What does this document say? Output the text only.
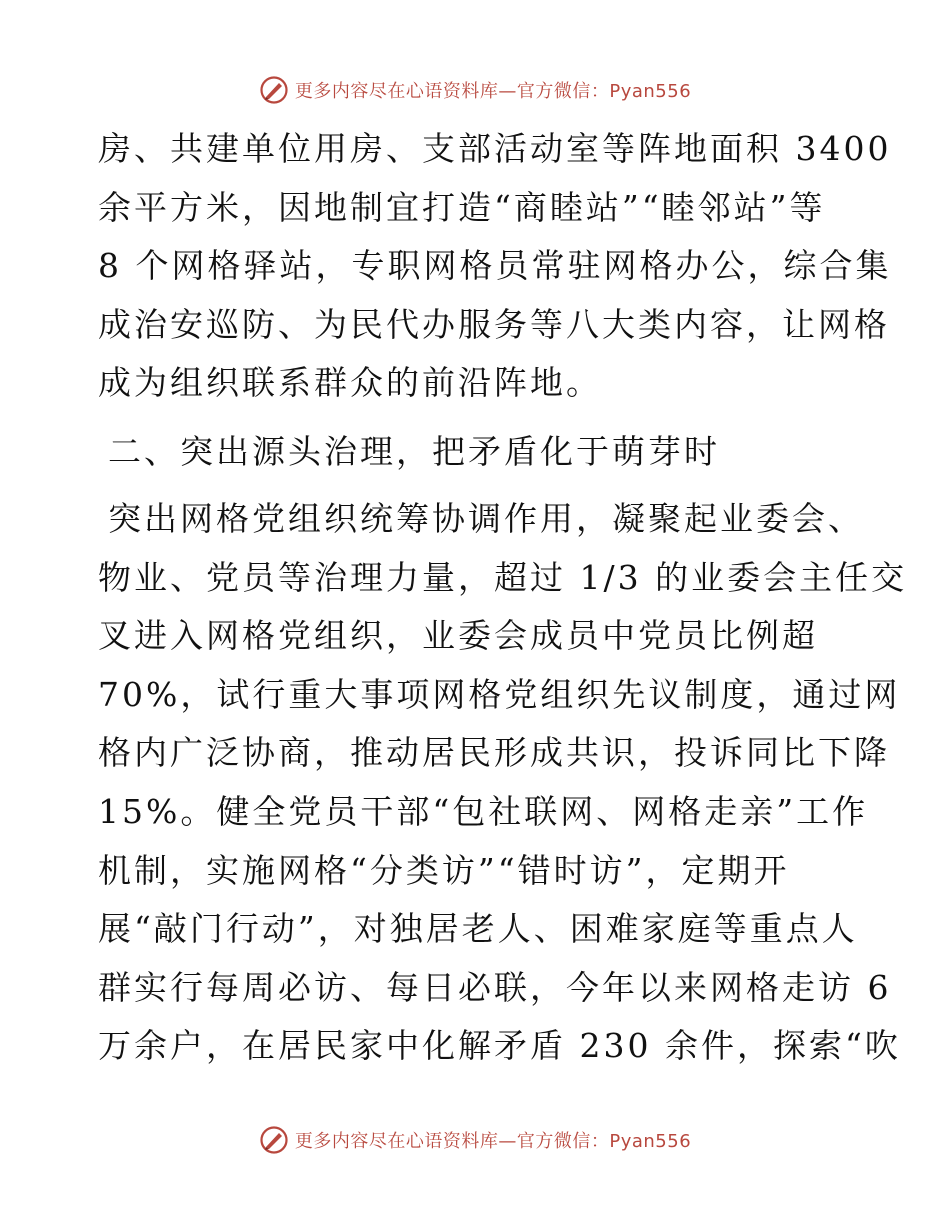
更多内容尽在心语资料库—官方微信：Pyan556
房、共建单位用房、支部活动室等阵地面积 3400
余平方米，因地制宜打造“商睦站”“睦邻站”等
8 个网格驿站，专职网格员常驻网格办公，综合集
成治安巡防、为民代办服务等八大类内容，让网格
成为组织联系群众的前沿阵地。
二、突出源头治理，把矛盾化于萌芽时
突出网格党组织统筹协调作用，凝聚起业委会、
物业、党员等治理力量，超过 1/3 的业委会主任交
叉进入网格党组织，业委会成员中党员比例超
70%，试行重大事项网格党组织先议制度，通过网
格内广泛协商，推动居民形成共识，投诉同比下降
15%。健全党员干部“包社联网、网格走亲”工作
机制，实施网格“分类访”“错时访”，定期开
展“敲门行动”，对独居老人、困难家庭等重点人
群实行每周必访、每日必联，今年以来网格走访 6
万余户，在居民家中化解矛盾 230 余件，探索“吹
更多内容尽在心语资料库—官方微信：Pyan556
